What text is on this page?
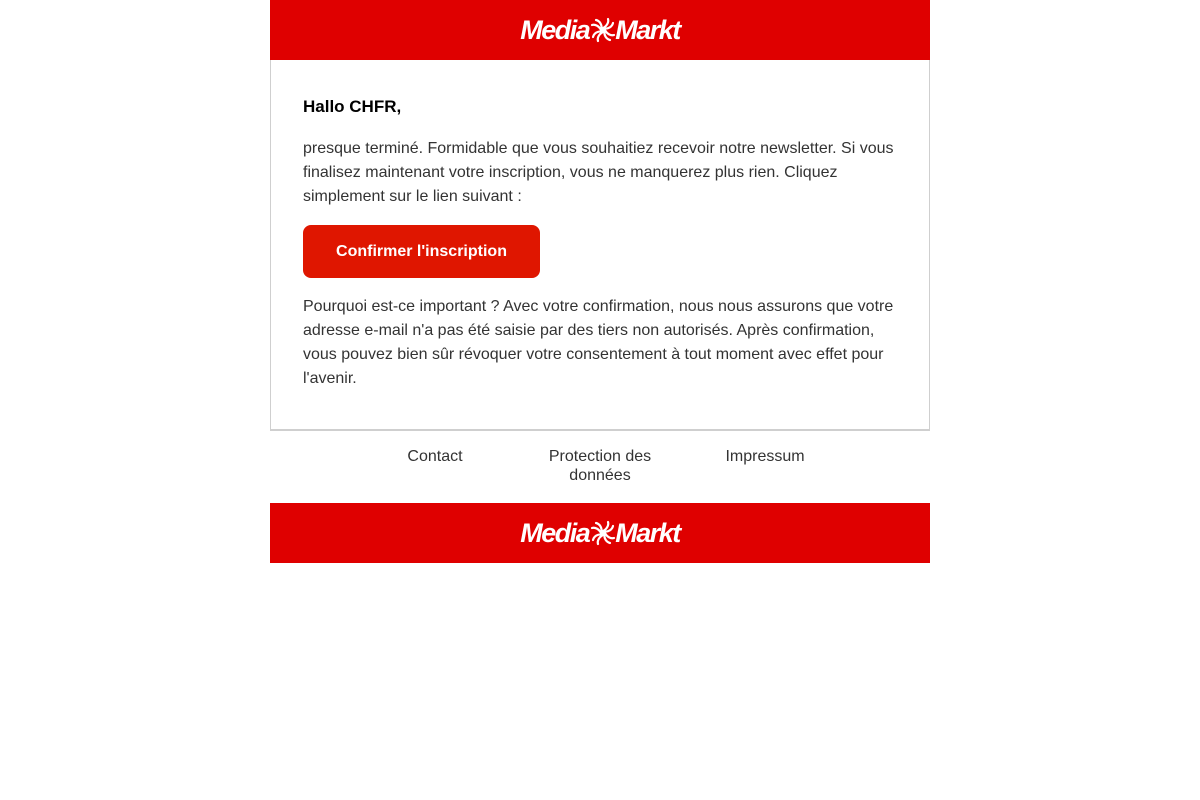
Media Markt

Hallo CHFR,

presque terminé. Formidable que vous souhaitiez recevoir notre newsletter. Si vous finalisez maintenant votre inscription, vous ne manquerez plus rien. Cliquez simplement sur le lien suivant :

Confirmer l'inscription

Pourquoi est-ce important ? Avec votre confirmation, nous nous assurons que votre adresse e-mail n'a pas été saisie par des tiers non autorisés. Après confirmation, vous pouvez bien sûr révoquer votre consentement à tout moment avec effet pour l'avenir.

Contact	Protection des données
Impressum
Media Markt
